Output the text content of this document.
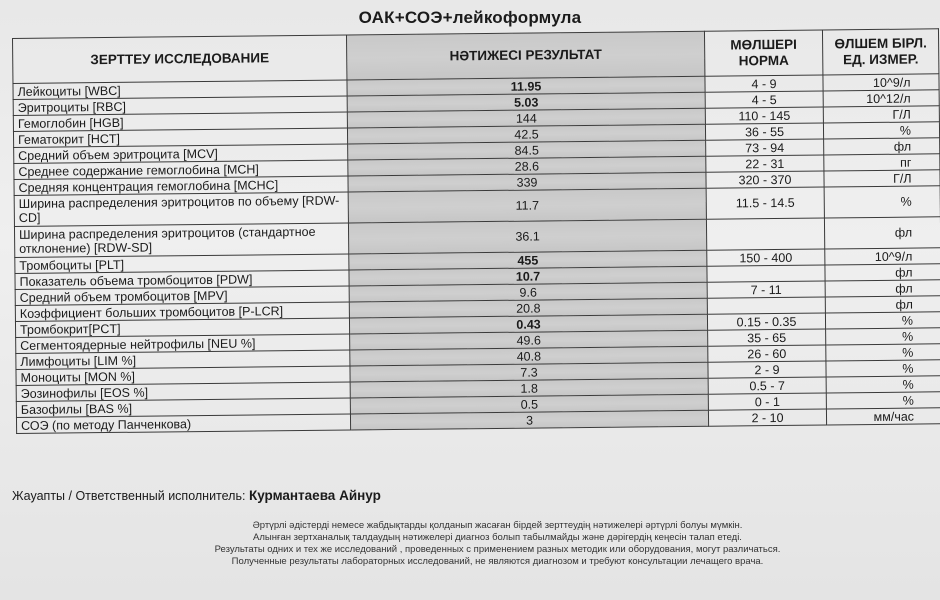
ОАК+СОЭ+лейкоформула
ЗЕРТТЕУ ИССЛЕДОВАНИЕ	НӘТИЖЕСІ РЕЗУЛЬТАТ	МӨЛШЕРІ НОРМА	ӨЛШЕМ БІРЛ. ЕД. ИЗМЕР.
Лейкоциты [WBC]	11.95	4 - 9	10^9/л
Эритроциты [RBC]	5.03	4 - 5	10^12/л
Гемоглобин [HGB]	144	110 - 145	Г/Л
Гематокрит [HCT]	42.5	36 - 55	%
Средний объем эритроцита [MCV]	84.5	73 - 94	фл
Среднее содержание гемоглобина [MCH]	28.6	22 - 31	пг
Средняя концентрация гемоглобина [MCHC]	339	320 - 370	Г/Л
Ширина распределения эритроцитов по объему [RDW-CD]	11.7	11.5 - 14.5	%
Ширина распределения эритроцитов (стандартное отклонение) [RDW-SD]	36.1		фл
Тромбоциты [PLT]	455	150 - 400	10^9/л
Показатель объема тромбоцитов [PDW]	10.7		фл
Средний объем тромбоцитов [MPV]	9.6	7 - 11	фл
Коэффициент больших тромбоцитов [P-LCR]	20.8		фл
Тромбокрит[PCT]	0.43	0.15 - 0.35	%
Сегментоядерные нейтрофилы [NEU %]	49.6	35 - 65	%
Лимфоциты [LIM %]	40.8	26 - 60	%
Моноциты [MON %]	7.3	2 - 9	%
Эозинофилы [EOS %]	1.8	0.5 - 7	%
Базофилы [BAS %]	0.5	0 - 1	%
СОЭ (по методу Панченкова)	3	2 - 10	мм/час
Жауапты / Ответственный исполнитель: Курмантаева Айнур
Әртүрлі әдістерді немесе жабдықтарды қолданып жасаған бірдей зерттеудің нәтижелері әртүрлі болуы мүмкін.
Алынған зертханалық талдаудың нәтижелері диагноз болып табылмайды және дәрігердің кеңесін талап етеді.
Результаты одних и тех же исследований , проведенных с применением разных методик или оборудования, могут различаться.
Полученные результаты лабораторных исследований, не являются диагнозом и требуют консультации лечащего врача.
